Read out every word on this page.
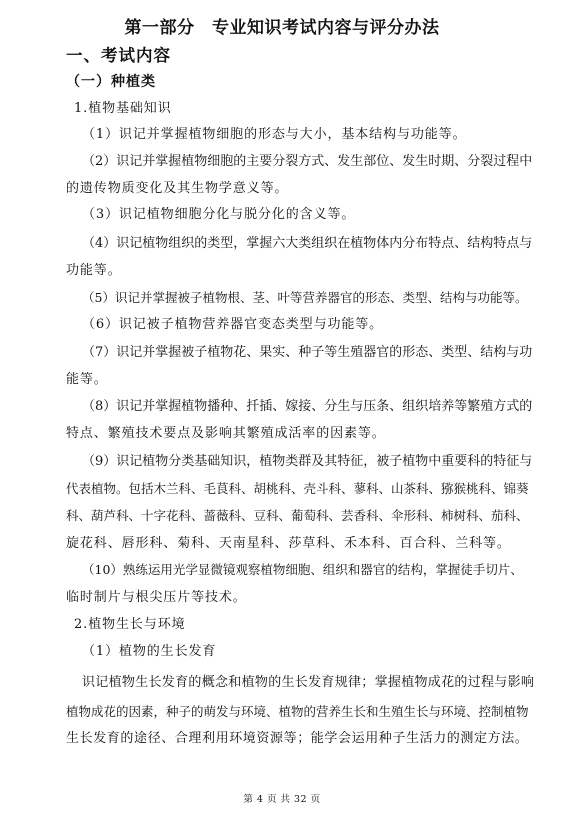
第一部分　专业知识考试内容与评分办法
一、考试内容
（一）种植类
1.植物基础知识
（1）识记并掌握植物细胞的形态与大小，基本结构与功能等。
（2）识记并掌握植物细胞的主要分裂方式、发生部位、发生时期、分裂过程中
的遗传物质变化及其生物学意义等。
（3）识记植物细胞分化与脱分化的含义等。
（4）识记植物组织的类型，掌握六大类组织在植物体内分布特点、结构特点与
功能等。
（5）识记并掌握被子植物根、茎、叶等营养器官的形态、类型、结构与功能等。
（6）识记被子植物营养器官变态类型与功能等。
（7）识记并掌握被子植物花、果实、种子等生殖器官的形态、类型、结构与功
能等。
（8）识记并掌握植物播种、扦插、嫁接、分生与压条、组织培养等繁殖方式的
特点、繁殖技术要点及影响其繁殖成活率的因素等。
（9）识记植物分类基础知识，植物类群及其特征，被子植物中重要科的特征与
代表植物。包括木兰科、毛茛科、胡桃科、壳斗科、蓼科、山茶科、猕猴桃科、锦葵
科、葫芦科、十字花科、蔷薇科、豆科、葡萄科、芸香科、伞形科、柿树科、茄科、
旋花科、唇形科、菊科、天南星科、莎草科、禾本科、百合科、兰科等。
（10）熟练运用光学显微镜观察植物细胞、组织和器官的结构，掌握徒手切片、
临时制片与根尖压片等技术。
2.植物生长与环境
（1）植物的生长发育
识记植物生长发育的概念和植物的生长发育规律；掌握植物成花的过程与影响
植物成花的因素，种子的萌发与环境、植物的营养生长和生殖生长与环境、控制植物
生长发育的途径、合理利用环境资源等；能学会运用种子生活力的测定方法。
第 4 页 共 32 页
